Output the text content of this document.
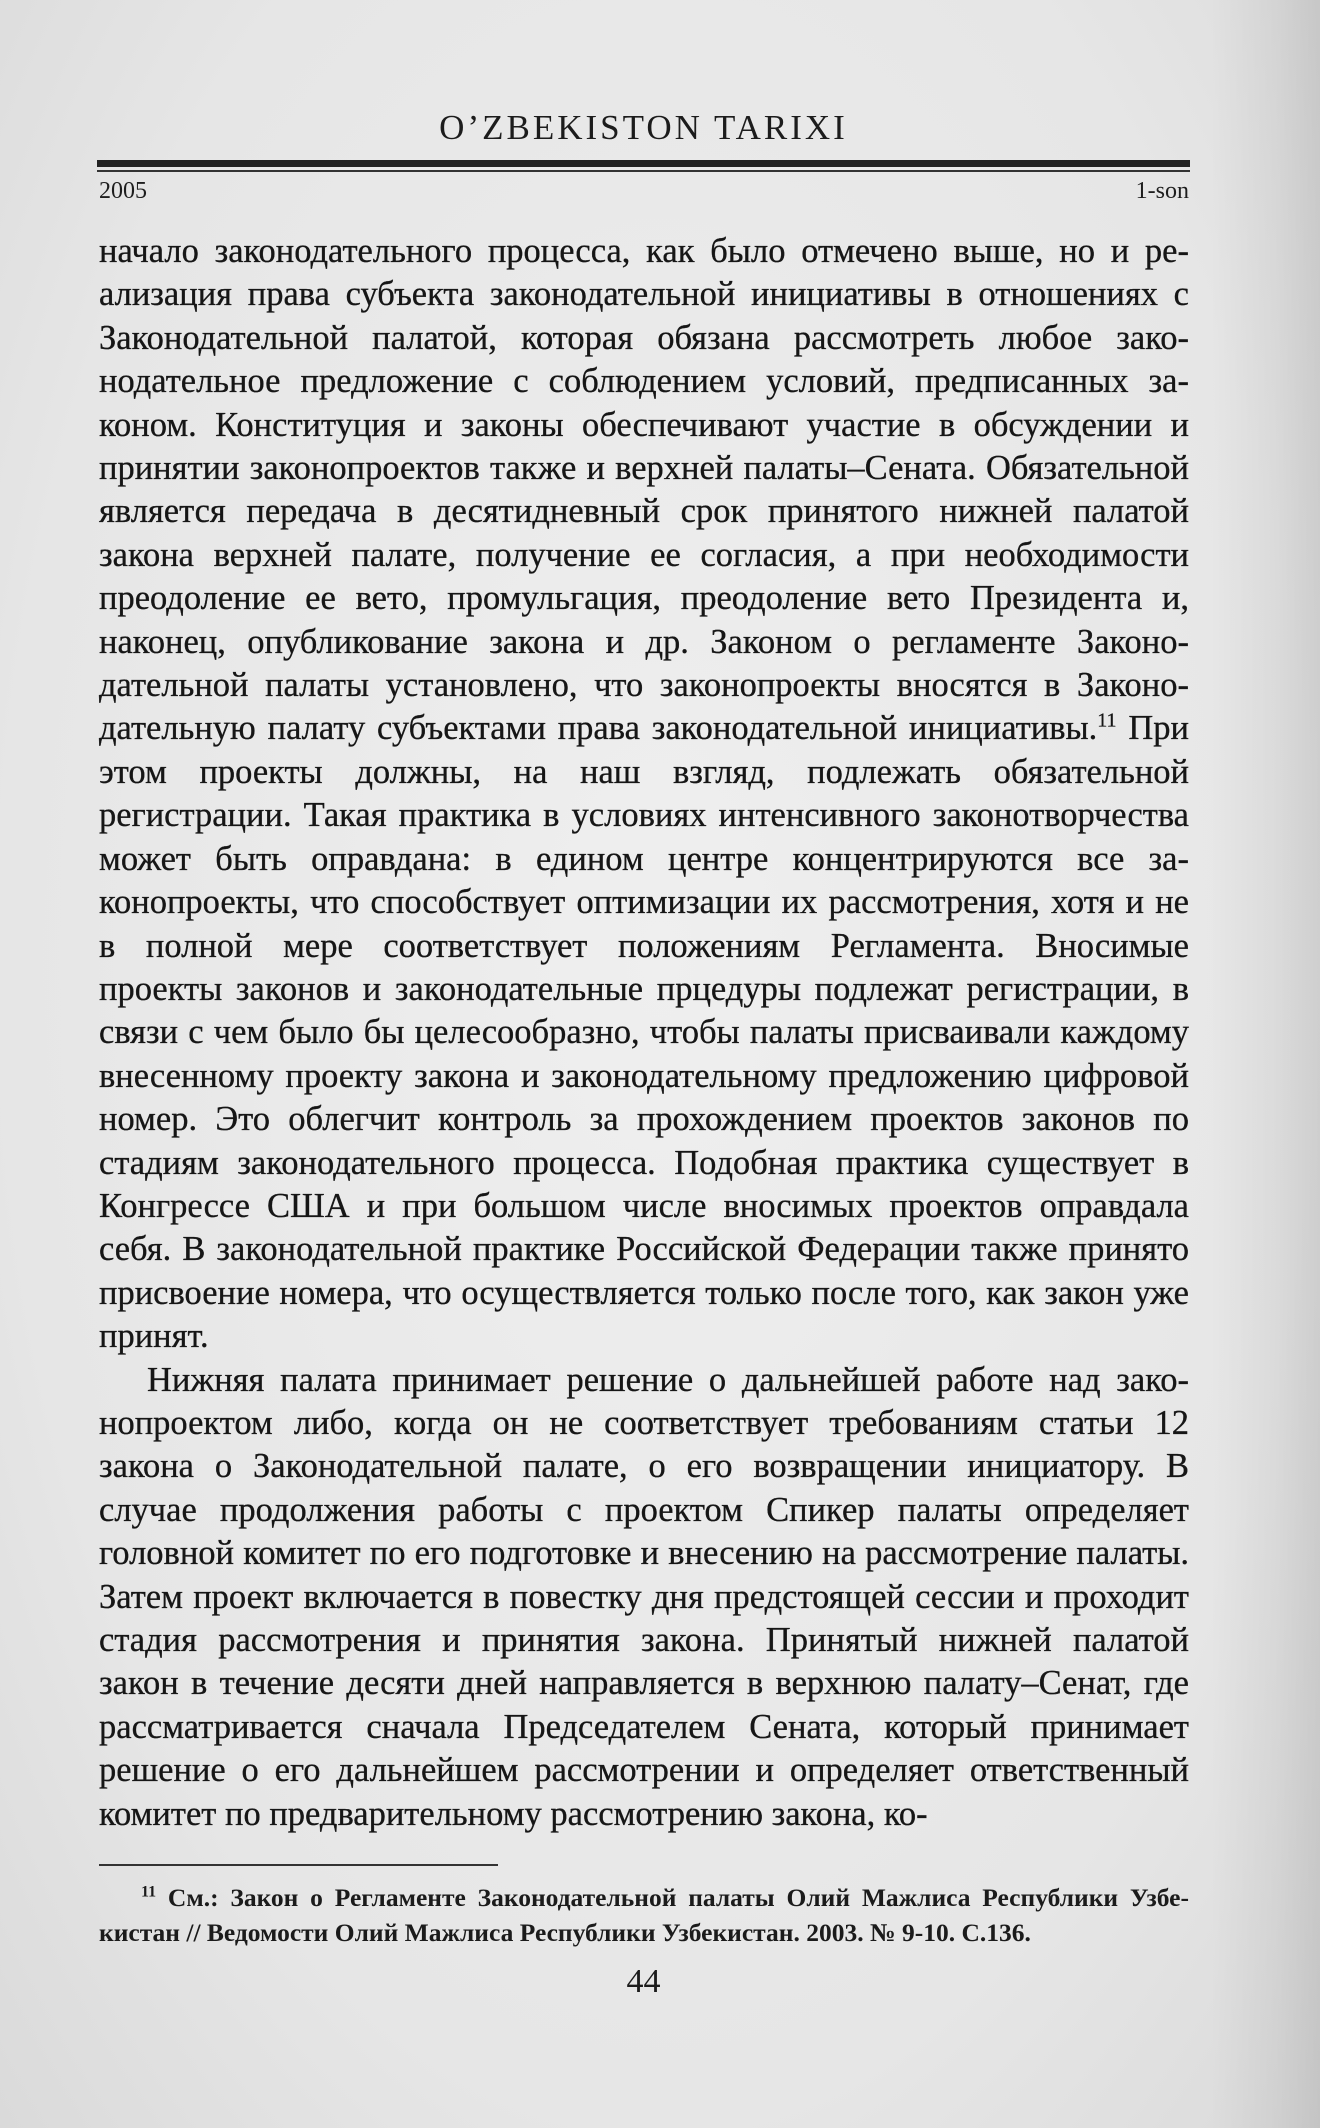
O’ZBEKISTON TARIXI
2005	1-son

начало законодательного процесса, как было отмечено выше, но и реализация права субъекта законодательной инициативы в отношениях с Законодательной палатой, которая обязана рассмотреть любое законодательное предложение с соблюдением условий, предписанных законом. Конституция и законы обеспечивают участие в обсуждении и принятии законопроектов также и верхней палаты–Сената. Обязательной является передача в десятидневный срок принятого нижней палатой закона верхней палате, получение ее согласия, а при необходимости преодоление ее вето, промульгация, преодоление вето Президента и, наконец, опубликование закона и др. Законом о регламенте Законодательной палаты установлено, что законопроекты вносятся в Законодательную палату субъектами права законодательной инициативы.$^{11}$ При этом проекты должны, на наш взгляд, подлежать обязательной регистрации. Такая практика в условиях интенсивного законотворчества может быть оправдана: в едином центре концентрируются все законопроекты, что способствует оптимизации их рассмотрения, хотя и не в полной мере соответствует положениям Регламента. Вносимые проекты законов и законодательные прцедуры подлежат регистрации, в связи с чем было бы целесообразно, чтобы палаты присваивали каждому внесенному проекту закона и законодательному предложению цифровой номер. Это облегчит контроль за прохождением проектов законов по стадиям законодательного процесса. Подобная практика существует в Конгрессе США и при большом числе вносимых проектов оправдала себя. В законодательной практике Российской Федерации также принято присвоение номера, что осуществляется только после того, как закон уже принят.

Нижняя палата принимает решение о дальнейшей работе над законопроектом либо, когда он не соответствует требованиям статьи 12 закона о Законодательной палате, о его возвращении инициатору. В случае продолжения работы с проектом Спикер палаты определяет головной комитет по его подготовке и внесению на рассмотрение палаты. Затем проект включается в повестку дня предстоящей сессии и проходит стадия рассмотрения и принятия закона. Принятый нижней палатой закон в течение десяти дней направляется в верхнюю палату–Сенат, где рассматривается сначала Председателем Сената, который принимает решение о его дальнейшем рассмотрении и определяет ответственный комитет по предварительному рассмотрению закона, ко-

$^{11}$ См.: Закон о Регламенте Законодательной палаты Олий Мажлиса Республики Узбекистан // Ведомости Олий Мажлиса Республики Узбекистан. 2003. № 9-10. С.136.
44
